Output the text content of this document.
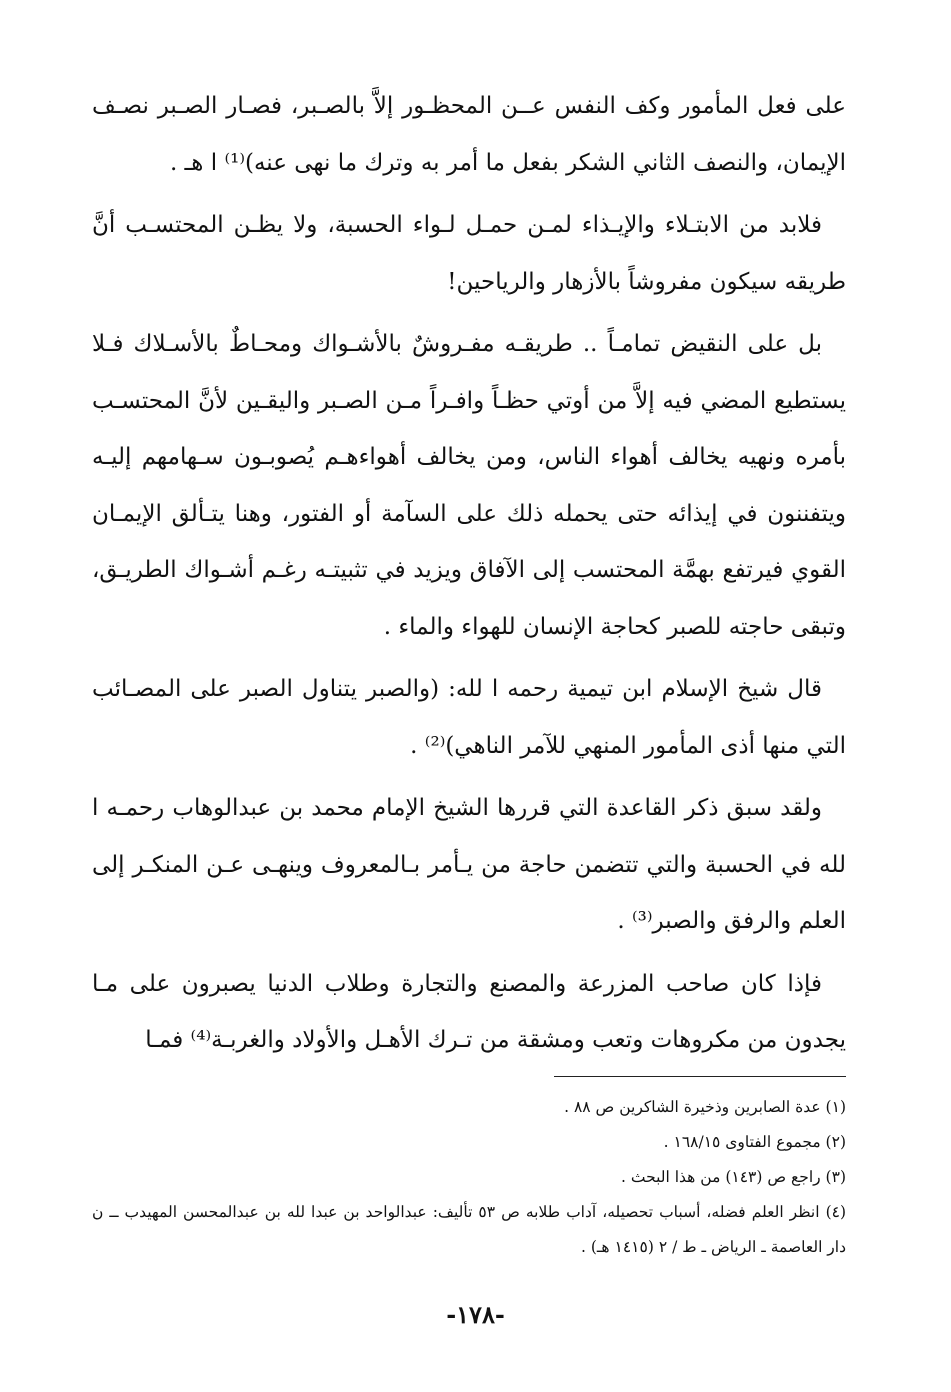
على فعل المأمور وكف النفس عــن المحظـور إلاَّ بالصـبر، فصـار الصـبر نصـف الإيمان، والنصف الثاني الشكر بفعل ما أمر به وترك ما نهى عنه)⁽¹⁾ ا هـ .

فلابد من الابتـلاء والإيـذاء لمـن حمـل لـواء الحسبة، ولا يظـن المحتسـب أنَّ طريقه سيكون مفروشاً بالأزهار والرياحين!

بل على النقيض تمامـاً .. طريقـه مفـروشٌ بالأشـواك ومحـاطٌ بالأسـلاك فـلا يستطيع المضي فيه إلاَّ من أوتي حظـاً وافـراً مـن الصـبر واليقـين لأنَّ المحتسـب بأمره ونهيه يخالف أهواء الناس، ومن يخالف أهواءهـم يُصوبـون سـهامهم إليـه ويتفننون في إيذائه حتى يحمله ذلك على السآمة أو الفتور، وهنا يتـألق الإيمـان القوي فيرتفع بهمَّة المحتسب إلى الآفاق ويزيد في تثبيتـه رغـم أشـواك الطريـق، وتبقى حاجته للصبر كحاجة الإنسان للهواء والماء .

قال شيخ الإسلام ابن تيمية رحمه ا لله: (والصبر يتناول الصبر على المصـائب التي منها أذى المأمور المنهي للآمر الناهي)⁽²⁾ .

ولقد سبق ذكر القاعدة التي قررها الشيخ الإمام محمد بن عبدالوهاب رحمـه ا لله في الحسبة والتي تتضمن حاجة من يـأمر بـالمعروف وينهـى عـن المنكـر إلى العلم والرفق والصبر⁽³⁾ .

فإذا كان صاحب المزرعة والمصنع والتجارة وطلاب الدنيا يصبرون على مـا يجدون من مكروهات وتعب ومشقة من تـرك الأهـل والأولاد والغربـة⁽⁴⁾ فمـا

(١) عدة الصابرين وذخيرة الشاكرين ص ٨٨ .

(٢) مجموع الفتاوى ١٦٨/١٥ .

(٣) راجع ص (١٤٣) من هذا البحث .

(٤) انظر العلم فضله، أسباب تحصيله، آداب طلابه ص ٥٣ تأليف: عبدالواحد بن عبدا لله بن عبدالمحسن المهيدب ــ ن دار العاصمة ـ الرياض ـ ط / ٢ (١٤١٥ هـ) .

-١٧٨-
